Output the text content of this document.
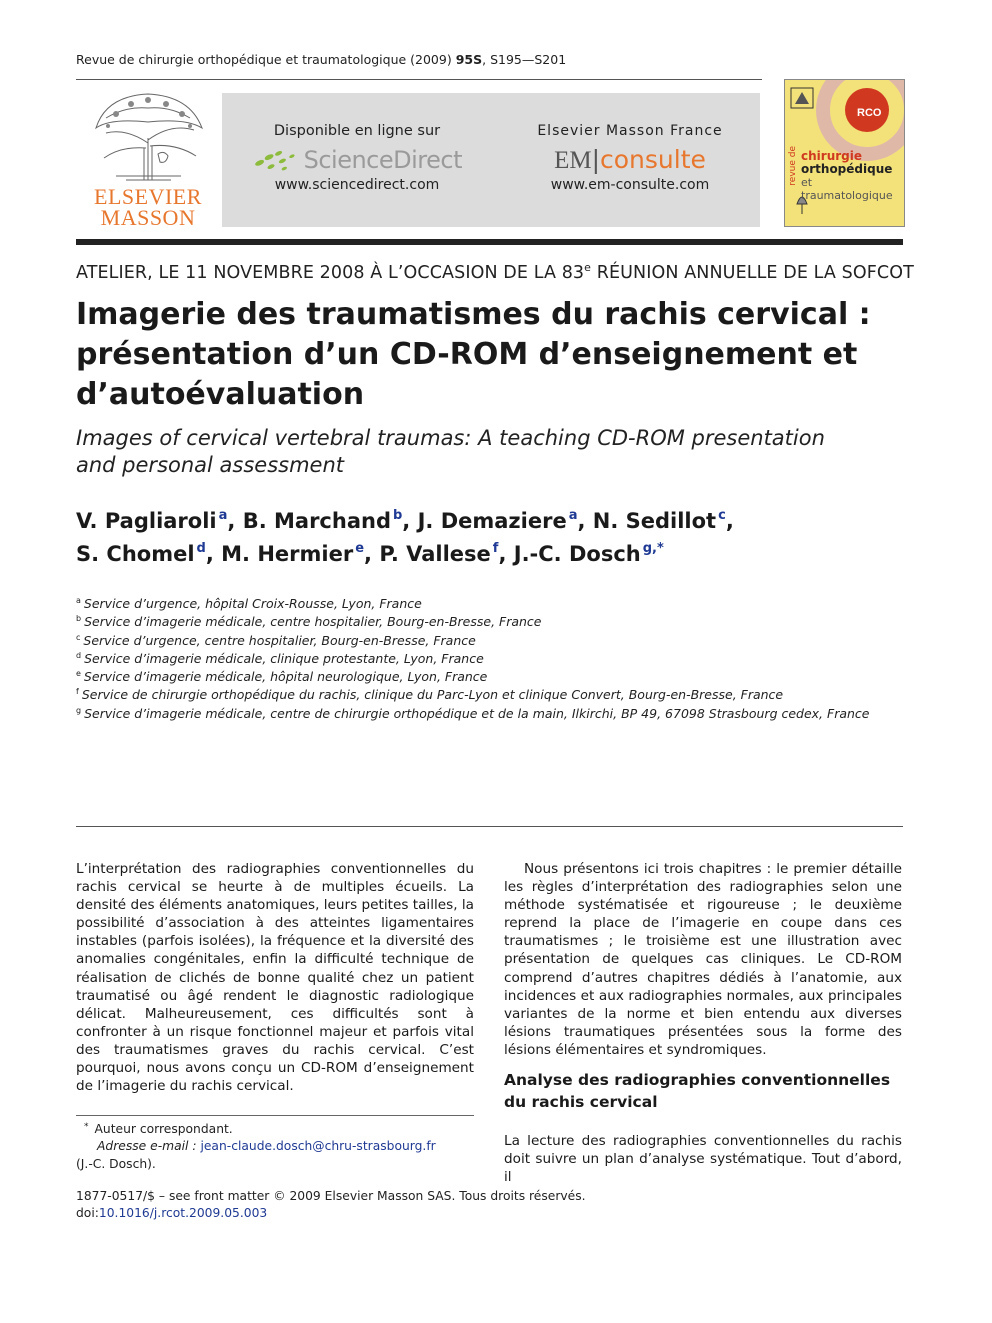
Revue de chirurgie orthopédique et traumatologique (2009) 95S, S195—S201
ELSEVIER
MASSON
Disponible en ligne sur
ScienceDirect
www.sciencedirect.com
Elsevier Masson France
EM|consulte
www.em-consulte.com
RCO
revue de chirurgie
orthopédique
et traumatologique
ATELIER, LE 11 NOVEMBRE 2008 À L’OCCASION DE LA 83e RÉUNION ANNUELLE DE LA SOFCOT
Imagerie des traumatismes du rachis cervical : présentation d’un CD-ROM d’enseignement et d’autoévaluation
Images of cervical vertebral traumas: A teaching CD-ROM presentation and personal assessment
V. Pagliaroli $^a$, B. Marchand $^b$, J. Demaziere $^a$, N. Sedillot $^c$,
S. Chomel $^d$, M. Hermier $^e$, P. Vallese $^f$, J.-C. Dosch $^{g,*}$
$^a$ Service d’urgence, hôpital Croix-Rousse, Lyon, France
$^b$ Service d’imagerie médicale, centre hospitalier, Bourg-en-Bresse, France
$^c$ Service d’urgence, centre hospitalier, Bourg-en-Bresse, France
$^d$ Service d’imagerie médicale, clinique protestante, Lyon, France
$^e$ Service d’imagerie médicale, hôpital neurologique, Lyon, France
$^f$ Service de chirurgie orthopédique du rachis, clinique du Parc-Lyon et clinique Convert, Bourg-en-Bresse, France
$^g$ Service d’imagerie médicale, centre de chirurgie orthopédique et de la main, Ilkirchi, BP 49, 67098 Strasbourg cedex, France
L’interprétation des radiographies conventionnelles du rachis cervical se heurte à de multiples écueils. La densité des éléments anatomiques, leurs petites tailles, la possibilité d’association à des atteintes ligamentaires instables (parfois isolées), la fréquence et la diversité des anomalies congénitales, enfin la difficulté technique de réalisation de clichés de bonne qualité chez un patient traumatisé ou âgé rendent le diagnostic radiologique délicat. Malheureusement, ces difficultés sont à confronter à un risque fonctionnel majeur et parfois vital des traumatismes graves du rachis cervical. C’est pourquoi, nous avons conçu un CD-ROM d’enseignement de l’imagerie du rachis cervical.
Nous présentons ici trois chapitres : le premier détaille les règles d’interprétation des radiographies selon une méthode systématisée et rigoureuse ; le deuxième reprend la place de l’imagerie en coupe dans ces traumatismes ; le troisième est une illustration avec présentation de quelques cas cliniques. Le CD-ROM comprend d’autres chapitres dédiés à l’anatomie, aux incidences et aux radiographies normales, aux principales variantes de la norme et bien entendu aux diverses lésions traumatiques présentées sous la forme des lésions élémentaires et syndromiques.
Analyse des radiographies conventionnelles du rachis cervical
La lecture des radiographies conventionnelles du rachis doit suivre un plan d’analyse systématique. Tout d’abord, il
* Auteur correspondant.
Adresse e-mail : jean-claude.dosch@chru-strasbourg.fr
(J.-C. Dosch).
1877-0517/$ – see front matter © 2009 Elsevier Masson SAS. Tous droits réservés.
doi:10.1016/j.rcot.2009.05.003
